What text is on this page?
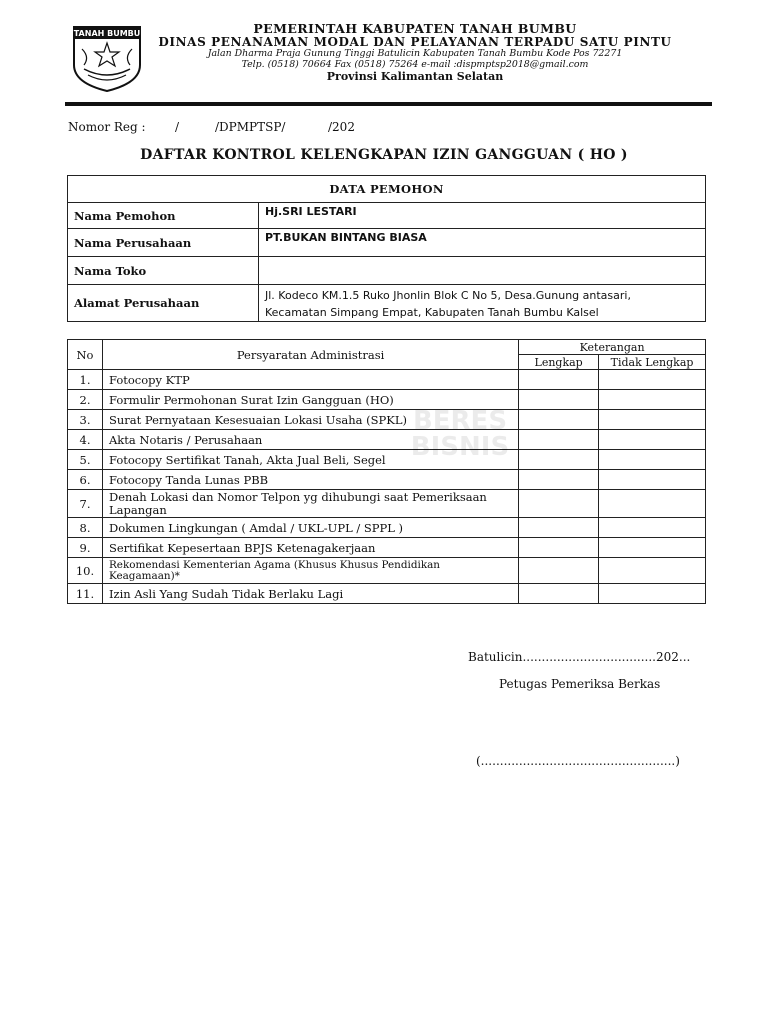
TANAH BUMBU	PEMERINTAH KABUPATEN TANAH BUMBU
DINAS PENANAMAN MODAL DAN PELAYANAN TERPADU SATU PINTU
Jalan Dharma Praja Gunung Tinggi Batulicin Kabupaten Tanah Bumbu Kode Pos 72271
Telp. (0518) 70664 Fax (0518) 75264 e-mail :dispmptsp2018@gmail.com
Provinsi Kalimantan Selatan
Nomor Reg : /	/DPMPTSP/	/202
DAFTAR KONTROL KELENGKAPAN IZIN GANGGUAN ( HO )
DATA PEMOHON	
Nama Pemohon	Hj.SRI LESTARI
Nama Perusahaan	PT.BUKAN BINTANG BIASA
Nama Toko	
Alamat Perusahaan	Jl. Kodeco KM.1.5 Ruko Jhonlin Blok C No 5, Desa.Gunung antasari,
Kecamatan Simpang Empat, Kabupaten Tanah Bumbu Kalsel
No	Persyaratan Administrasi	Keterangan	
		Lengkap	Tidak Lengkap
1.	Fotocopy KTP		
2.	Formulir Permohonan Surat Izin Gangguan (HO)		
3.	Surat Pernyataan Kesesuaian Lokasi Usaha (SPKL)		
4.	Akta Notaris / Perusahaan		
5.	Fotocopy Sertifikat Tanah, Akta Jual Beli, Segel		
6.	Fotocopy Tanda Lunas PBB		
7.	Denah Lokasi dan Nomor Telpon yg dihubungi saat Pemeriksaan Lapangan		
8.	Dokumen Lingkungan ( Amdal / UKL-UPL / SPPL )		
9.	Sertifikat Kepesertaan BPJS Ketenagakerjaan		
10.	Rekomendasi Kementerian Agama (Khusus Khusus Pendidikan Keagamaan)*		
11.	Izin Asli Yang Sudah Tidak Berlaku Lagi		
BERES
BISNIS
Batulicin...................................202...
Petugas Pemeriksa Berkas
(...................................................)
